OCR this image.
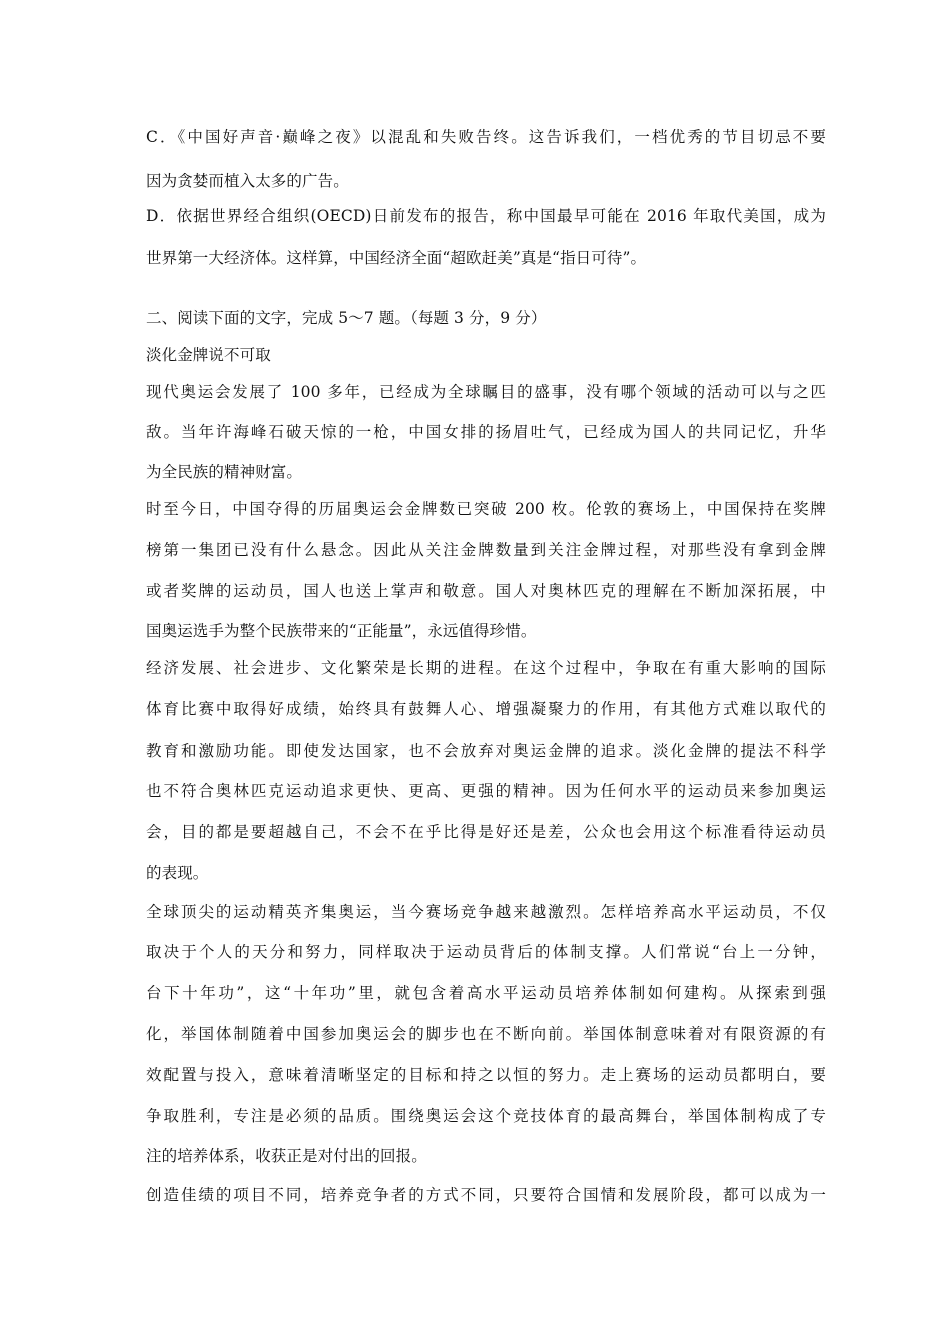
C．《中国好声音·巅峰之夜》以混乱和失败告终。这告诉我们，一档优秀的节目切忌不要
因为贪婪而植入太多的广告。
D．依据世界经合组织(OECD)日前发布的报告，称中国最早可能在 2016 年取代美国，成为
世界第一大经济体。这样算，中国经济全面“超欧赶美”真是“指日可待”。
二、阅读下面的文字，完成 5～7 题。（每题 3 分，9 分）
淡化金牌说不可取
现代奥运会发展了 100 多年，已经成为全球瞩目的盛事，没有哪个领域的活动可以与之匹
敌。当年许海峰石破天惊的一枪，中国女排的扬眉吐气，已经成为国人的共同记忆，升华
为全民族的精神财富。
时至今日，中国夺得的历届奥运会金牌数已突破 200 枚。伦敦的赛场上，中国保持在奖牌
榜第一集团已没有什么悬念。因此从关注金牌数量到关注金牌过程，对那些没有拿到金牌
或者奖牌的运动员，国人也送上掌声和敬意。国人对奥林匹克的理解在不断加深拓展，中
国奥运选手为整个民族带来的“正能量”，永远值得珍惜。
经济发展、社会进步、文化繁荣是长期的进程。在这个过程中，争取在有重大影响的国际
体育比赛中取得好成绩，始终具有鼓舞人心、增强凝聚力的作用，有其他方式难以取代的
教育和激励功能。即使发达国家，也不会放弃对奥运金牌的追求。淡化金牌的提法不科学
也不符合奥林匹克运动追求更快、更高、更强的精神。因为任何水平的运动员来参加奥运
会，目的都是要超越自己，不会不在乎比得是好还是差，公众也会用这个标准看待运动员
的表现。
全球顶尖的运动精英齐集奥运，当今赛场竞争越来越激烈。怎样培养高水平运动员，不仅
取决于个人的天分和努力，同样取决于运动员背后的体制支撑。人们常说“台上一分钟，
台下十年功”，这“十年功”里，就包含着高水平运动员培养体制如何建构。从探索到强
化，举国体制随着中国参加奥运会的脚步也在不断向前。举国体制意味着对有限资源的有
效配置与投入，意味着清晰坚定的目标和持之以恒的努力。走上赛场的运动员都明白，要
争取胜利，专注是必须的品质。围绕奥运会这个竞技体育的最高舞台，举国体制构成了专
注的培养体系，收获正是对付出的回报。
创造佳绩的项目不同，培养竞争者的方式不同，只要符合国情和发展阶段，都可以成为一
